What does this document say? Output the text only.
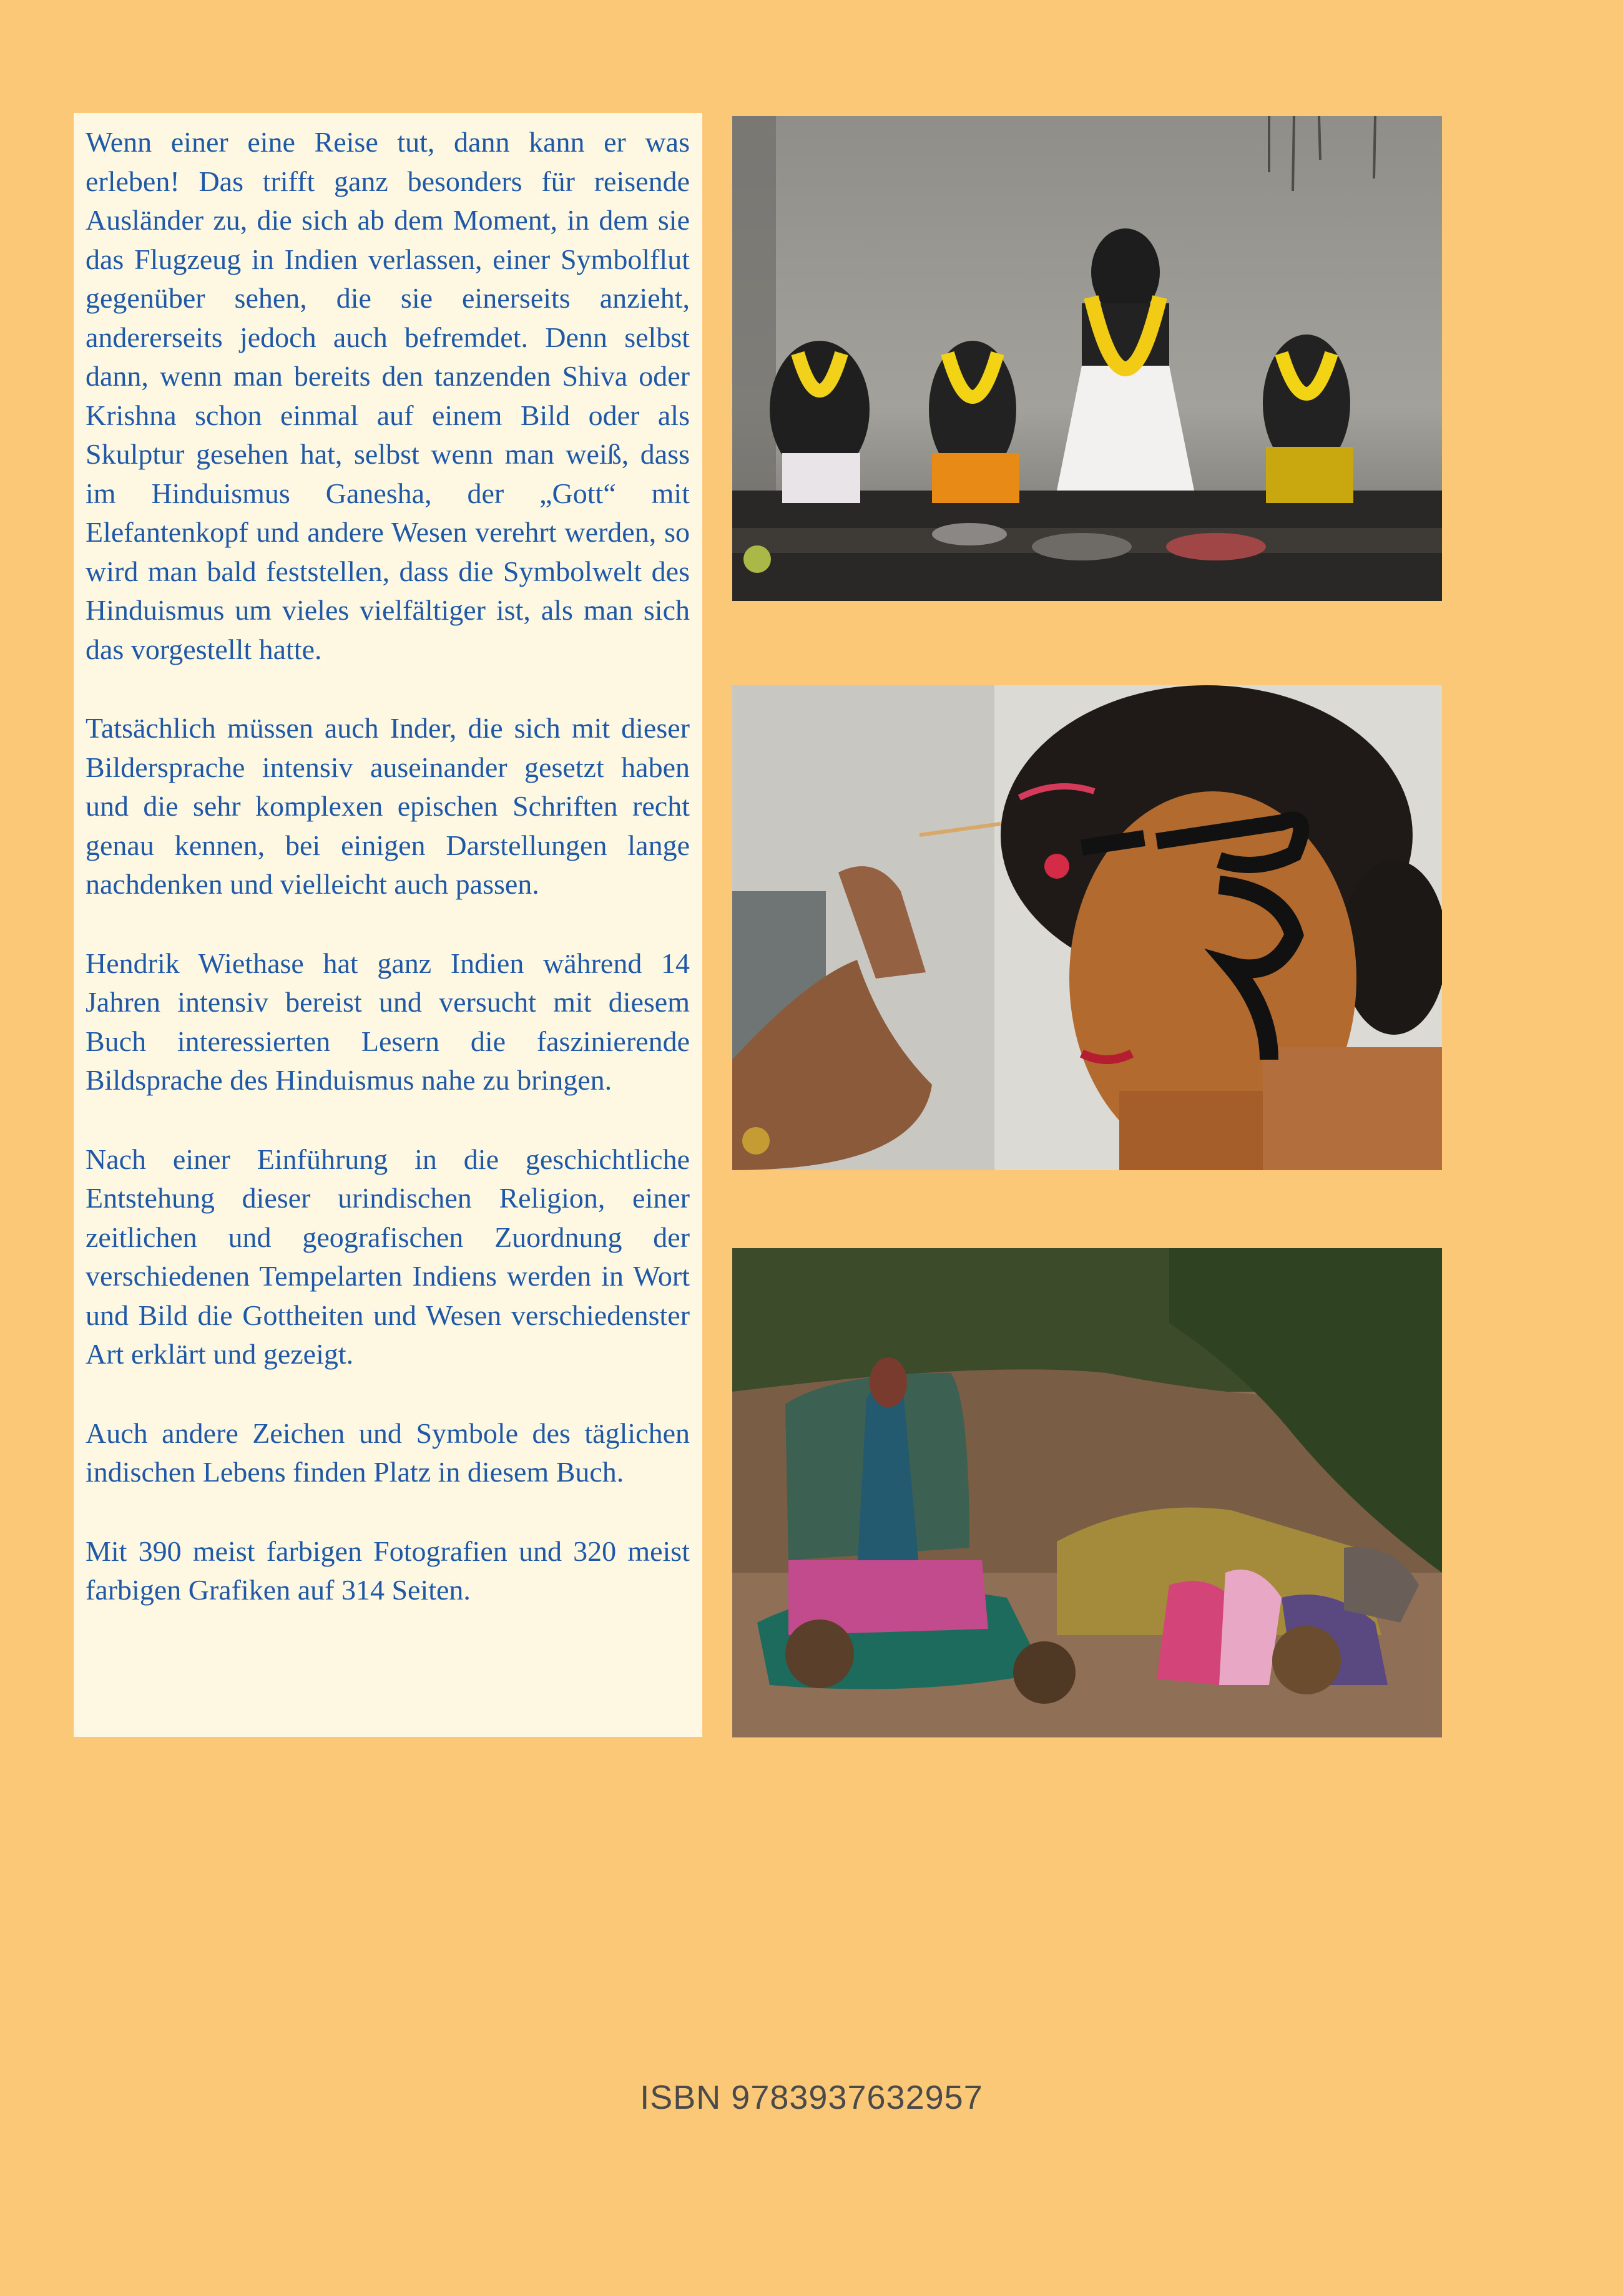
Wenn einer eine Reise tut, dann kann er was erleben! Das trifft ganz besonders für reisende Ausländer zu, die sich ab dem Moment, in dem sie das Flugzeug in Indien verlassen, einer Symbolflut gegenüber sehen, die sie einerseits anzieht, andererseits jedoch auch befremdet. Denn selbst dann, wenn man bereits den tanzenden Shiva oder Krishna schon einmal auf einem Bild oder als Skulptur gesehen hat, selbst wenn man weiß, dass im Hinduismus Ganesha, der „Gott“ mit Elefantenkopf und andere Wesen verehrt werden, so wird man bald feststellen, dass die Symbolwelt des Hinduismus um vieles vielfältiger ist, als man sich das vorgestellt hatte.

Tatsächlich müssen auch Inder, die sich mit dieser Bildersprache intensiv auseinander gesetzt haben und die sehr komplexen epischen Schriften recht genau kennen, bei einigen Darstellungen lange nachdenken und vielleicht auch passen.

Hendrik Wiethase hat ganz Indien während 14 Jahren intensiv bereist und versucht mit diesem Buch interessierten Lesern die faszinierende Bildsprache des Hinduismus nahe zu bringen.

Nach einer Einführung in die geschichtliche Entstehung dieser urindischen Religion, einer zeitlichen und geografischen Zuordnung der verschiedenen Tempelarten Indiens werden in Wort und Bild die Gottheiten und Wesen verschiedenster Art erklärt und gezeigt.

Auch andere Zeichen und Symbole des täglichen indischen Lebens finden Platz in diesem Buch.

Mit 390 meist farbigen Fotografien und 320 meist farbigen Grafiken auf 314 Seiten.

ISBN 9783937632957
